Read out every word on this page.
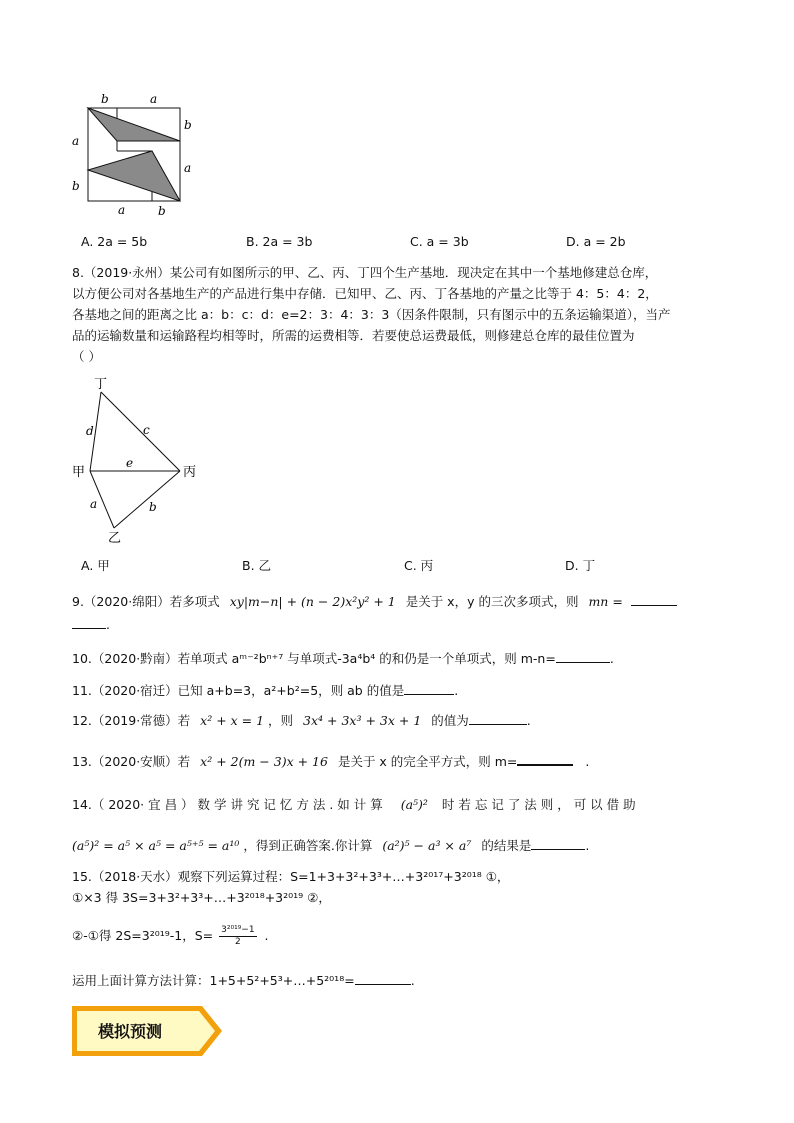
b	a
a
b
b
a
a	b
A. 2a = 5b	B. 2a = 3b	C. a = 3b	D. a = 2b
8.（2019·永州）某公司有如图所示的甲、乙、丙、丁四个生产基地．现决定在其中一个基地修建总仓库，
以方便公司对各基地生产的产品进行集中存储．已知甲、乙、丙、丁各基地的产量之比等于 4：5：4：2，
各基地之间的距离之比 a：b：c：d：e=2：3：4：3：3（因条件限制，只有图示中的五条运输渠道），当产
品的运输数量和运输路程均相等时，所需的运费相等．若要使总运费最低，则修建总仓库的最佳位置为
（ ）
丁
甲	丙
乙
d	c
e
a	b
A. 甲	B. 乙	C. 丙	D. 丁
9.（2020·绵阳）若多项式 xy|m−n| + (n − 2)x²y² + 1 是关于 x，y 的三次多项式，则 mn =
.
10.（2020·黔南）若单项式 aᵐ⁻²bⁿ⁺⁷ 与单项式-3a⁴b⁴ 的和仍是一个单项式，则 m-n=	.
11.（2020·宿迁）已知 a+b=3，a²+b²=5，则 ab 的值是	.
12.（2019·常德）若 x² + x = 1 ，则 3x⁴ + 3x³ + 3x + 1 的值为	.
13.（2020·安顺）若 x² + 2(m − 3)x + 16 是关于 x 的完全平方式，则 m=	.
14.（ 2020· 宜 昌 ） 数 学 讲 究 记 忆 方 法 . 如 计 算 (a⁵)² 时 若 忘 记 了 法 则 ， 可 以 借 助
(a⁵)² = a⁵ × a⁵ = a⁵⁺⁵ = a¹⁰ ，得到正确答案.你计算 (a²)⁵ − a³ × a⁷ 的结果是	.
15.（2018·天水）观察下列运算过程：S=1+3+3²+3³+…+3²⁰¹⁷+3²⁰¹⁸ ①，
①×3 得 3S=3+3²+3³+…+3²⁰¹⁸+3²⁰¹⁹ ②，
②-①得 2S=3²⁰¹⁹-1，$S= \frac{\text{3²⁰¹⁹−1}}{2}$ .
运用上面计算方法计算：1+5+5²+5³+…+5²⁰¹⁸=	.
模拟预测
